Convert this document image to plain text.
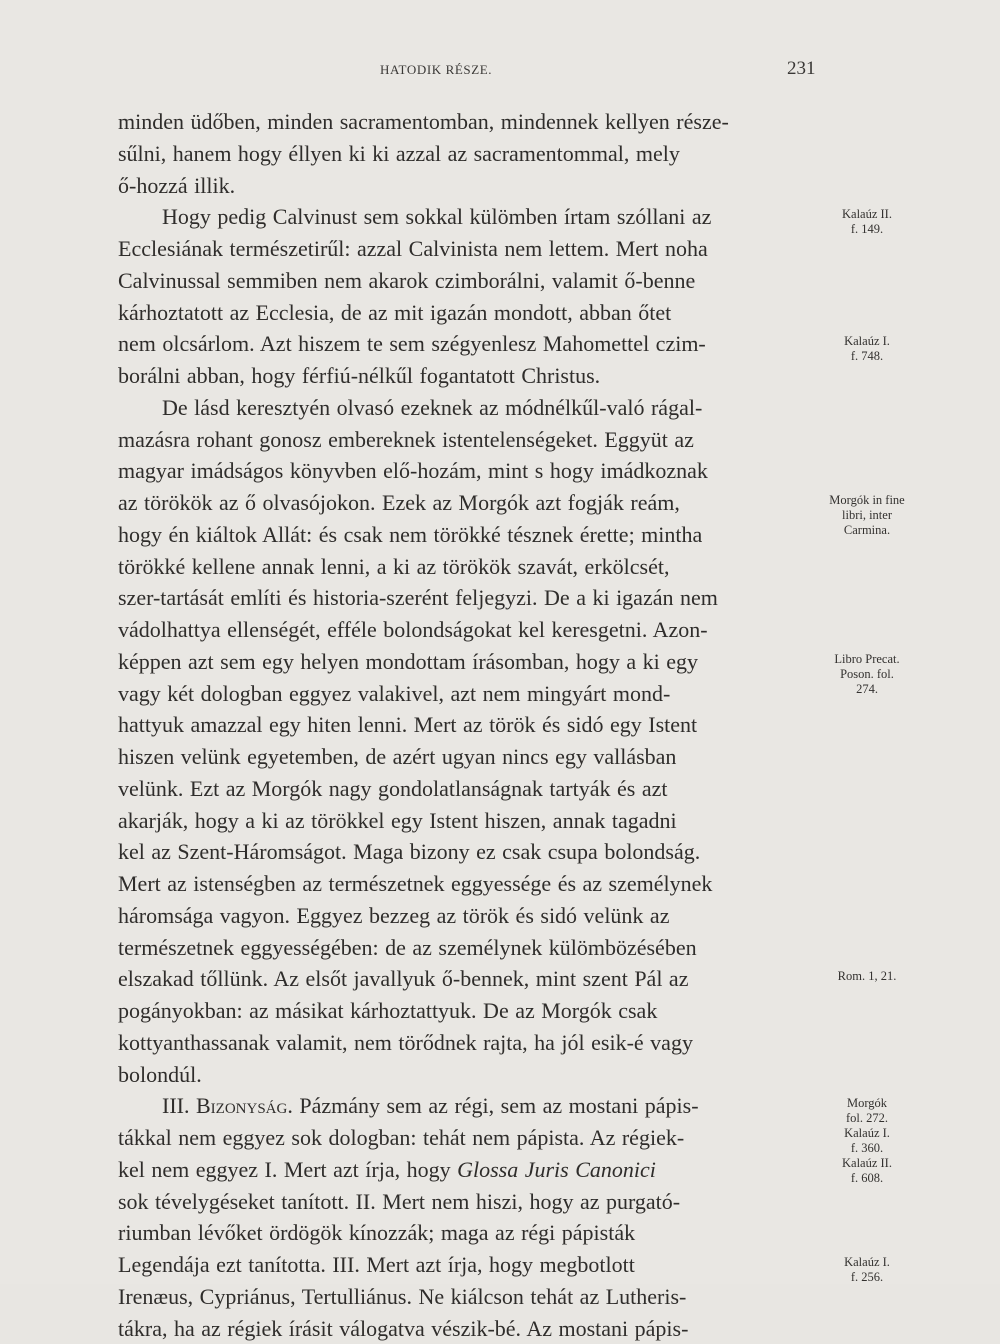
HATODIK RÉSZE.	231
minden üdőben, minden sacramentomban, mindennek kellyen része-
sűlni, hanem hogy éllyen ki ki azzal az sacramentommal, mely
ő-hozzá illik.
Hogy pedig Calvinust sem sokkal külömben írtam szóllani az
Ecclesiának természetirűl: azzal Calvinista nem lettem. Mert noha
Calvinussal semmiben nem akarok czimborálni, valamit ő-benne
kárhoztatott az Ecclesia, de az mit igazán mondott, abban őtet
nem olcsárlom. Azt hiszem te sem szégyenlesz Mahomettel czim-
borálni abban, hogy férfiú-nélkűl fogantatott Christus.
De lásd keresztyén olvasó ezeknek az módnélkűl-való rágal-
mazásra rohant gonosz embereknek istentelenségeket. Eggyüt az
magyar imádságos könyvben elő-hozám, mint s hogy imádkoznak
az törökök az ő olvasójokon. Ezek az Morgók azt fogják reám,
hogy én kiáltok Allát: és csak nem törökké tésznek érette; mintha
törökké kellene annak lenni, a ki az törökök szavát, erkölcsét,
szer-tartását említi és historia-szerént feljegyzi. De a ki igazán nem
vádolhattya ellenségét, efféle bolondságokat kel keresgetni. Azon-
képpen azt sem egy helyen mondottam írásomban, hogy a ki egy
vagy két dologban eggyez valakivel, azt nem mingyárt mond-
hattyuk amazzal egy hiten lenni. Mert az török és sidó egy Istent
hiszen velünk egyetemben, de azért ugyan nincs egy vallásban
velünk. Ezt az Morgók nagy gondolatlanságnak tartyák és azt
akarják, hogy a ki az törökkel egy Istent hiszen, annak tagadni
kel az Szent-Háromságot. Maga bizony ez csak csupa bolondság.
Mert az istenségben az természetnek eggyessége és az személynek
háromsága vagyon. Eggyez bezzeg az török és sidó velünk az
természetnek eggyességében: de az személynek külömbözésében
elszakad tőllünk. Az elsőt javallyuk ő-bennek, mint szent Pál az
pogányokban: az másikat kárhoztattyuk. De az Morgók csak
kottyanthassanak valamit, nem törődnek rajta, ha jól esik-é vagy
bolondúl.
III. Bizonyság. Pázmány sem az régi, sem az mostani pápis-
tákkal nem eggyez sok dologban: tehát nem pápista. Az régiek-
kel nem eggyez I. Mert azt írja, hogy Glossa Juris Canonici
sok tévelygéseket tanított. II. Mert nem hiszi, hogy az purgató-
riumban lévőket ördögök kínozzák; maga az régi pápisták
Legendája ezt tanította. III. Mert azt írja, hogy megbotlott
Irenæus, Cypriánus, Tertulliánus. Ne kiálcson tehát az Lutheris-
tákra, ha az régiek írásit válogatva vészik-bé. Az mostani pápis-
Kalaúz II.
f. 149.
Kalaúz I.
f. 748.
Morgók in fine
libri, inter
Carmina.
Libro Precat.
Poson. fol.
274.
Rom. 1, 21.
Morgók
fol. 272.
Kalaúz I.
f. 360.
Kalaúz II.
f. 608.
Kalaúz I.
f. 256.
